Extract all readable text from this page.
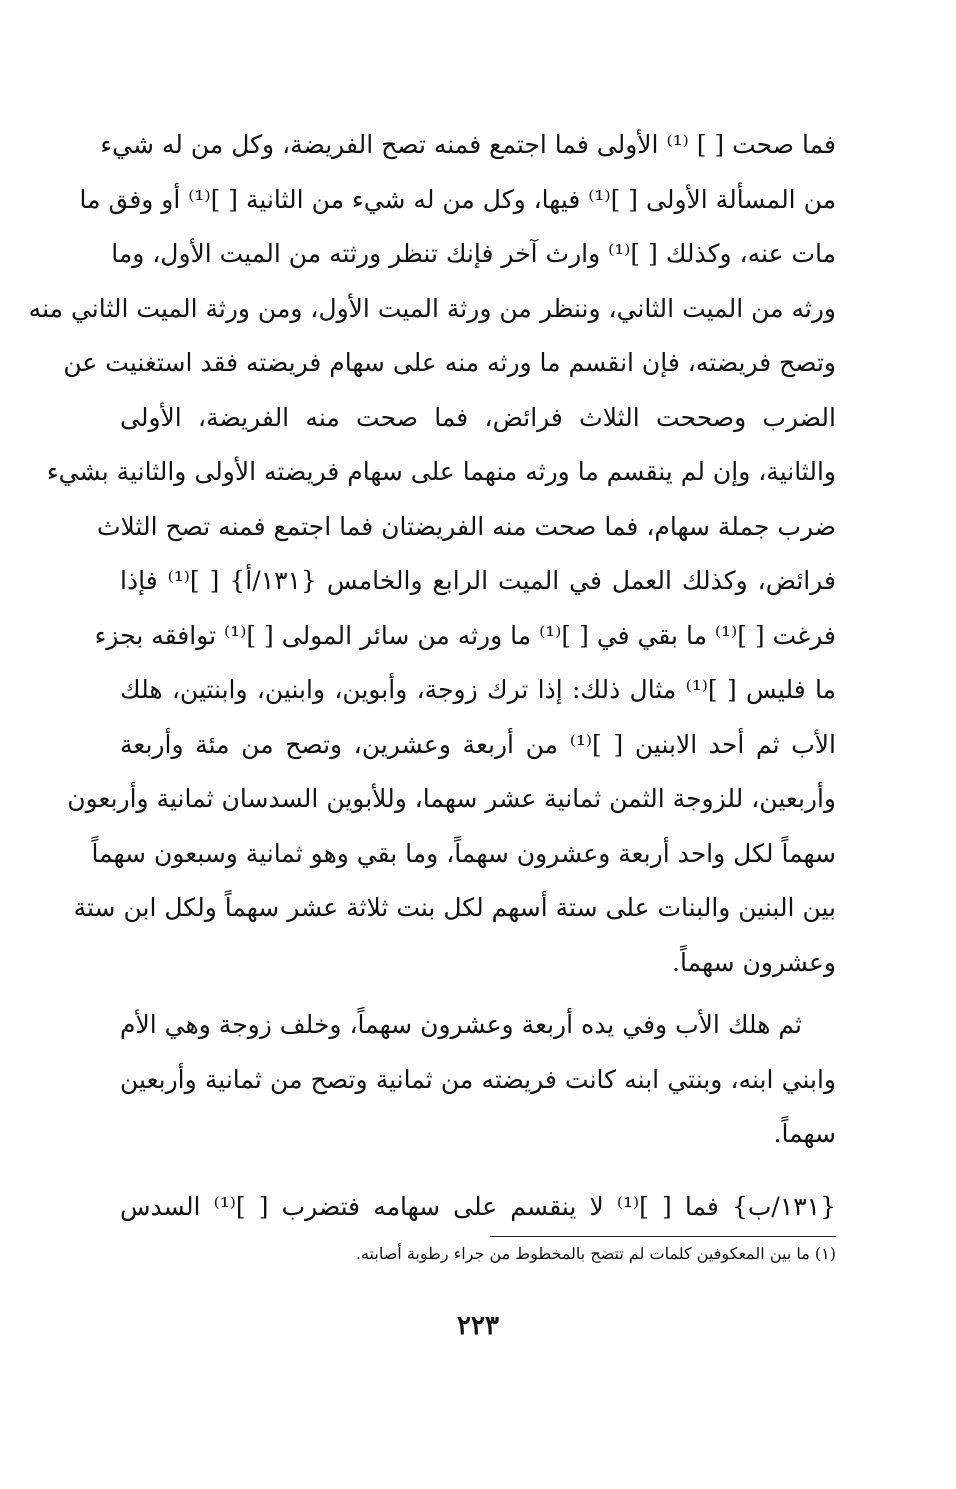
فما صحت [ ] ⁽¹⁾ الأولى فما اجتمع فمنه تصح الفريضة، وكل من له شيء
من المسألة الأولى [ ]⁽¹⁾ فيها، وكل من له شيء من الثانية [ ]⁽¹⁾ أو وفق ما
مات عنه، وكذلك [ ]⁽¹⁾ وارث آخر فإنك تنظر ورثته من الميت الأول، وما
ورثه من الميت الثاني، وننظر من ورثة الميت الأول، ومن ورثة الميت الثاني منه
وتصح فريضته، فإن انقسم ما ورثه منه على سهام فريضته فقد استغنيت عن
الضرب وصححت الثلاث فرائض، فما صحت منه الفريضة، الأولى
والثانية، وإن لم ينقسم ما ورثه منهما على سهام فريضته الأولى والثانية بشيء
ضرب جملة سهام، فما صحت منه الفريضتان فما اجتمع فمنه تصح الثلاث
فرائض، وكذلك العمل في الميت الرابع والخامس {١٣١/أ} [ ]⁽¹⁾ فإذا
فرغت [ ]⁽¹⁾ ما بقي في [ ]⁽¹⁾ ما ورثه من سائر المولى [ ]⁽¹⁾ توافقه بجزء
ما فليس [ ]⁽¹⁾ مثال ذلك: إذا ترك زوجة، وأبوين، وابنين، وابنتين، هلك
الأب ثم أحد الابنين [ ]⁽¹⁾ من أربعة وعشرين، وتصح من مئة وأربعة
وأربعين، للزوجة الثمن ثمانية عشر سهما، وللأبوين السدسان ثمانية وأربعون
سهماً لكل واحد أربعة وعشرون سهماً، وما بقي وهو ثمانية وسبعون سهماً
بين البنين والبنات على ستة أسهم لكل بنت ثلاثة عشر سهماً ولكل ابن ستة
وعشرون سهماً.
ثم هلك الأب وفي يده أربعة وعشرون سهماً، وخلف زوجة وهي الأم
وابني ابنه، وبنتي ابنه كانت فريضته من ثمانية وتصح من ثمانية وأربعين
سهماً.
{١٣١/ب} فما [ ]⁽¹⁾ لا ينقسم على سهامه فتضرب [ ]⁽¹⁾ السدس
(١) ما بين المعكوفين كلمات لم تتضح بالمخطوط من جراء رطوبة أصابته.
٢٢٣
